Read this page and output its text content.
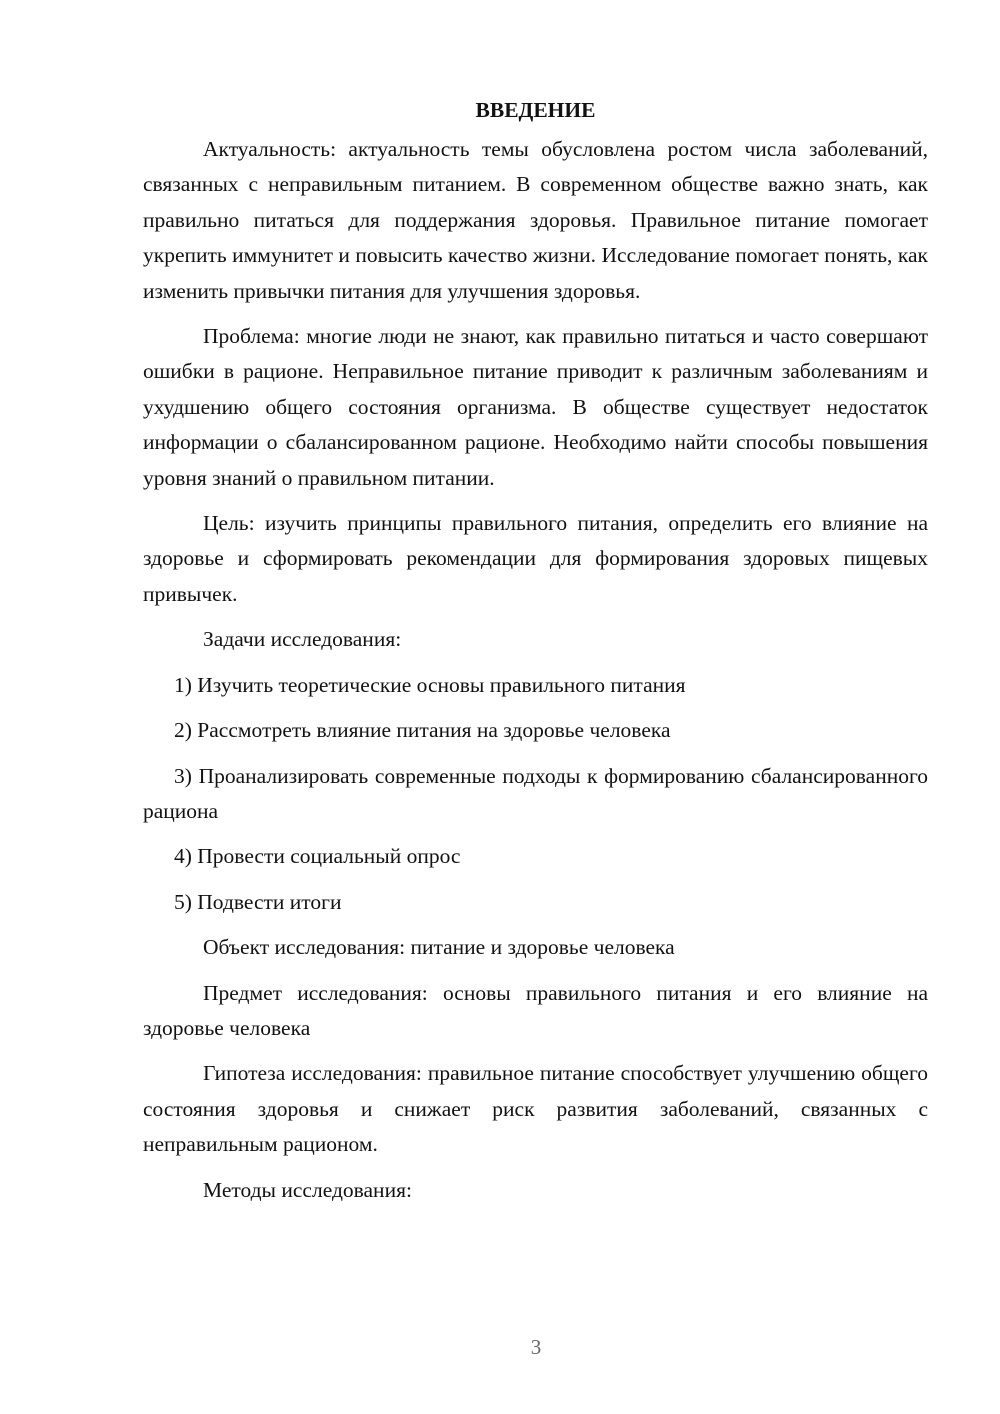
ВВЕДЕНИЕ

Актуальность: актуальность темы обусловлена ростом числа заболеваний, связанных с неправильным питанием. В современном обществе важно знать, как правильно питаться для поддержания здоровья. Правильное питание помогает укрепить иммунитет и повысить качество жизни. Исследование помогает понять, как изменить привычки питания для улучшения здоровья.

Проблема: многие люди не знают, как правильно питаться и часто совершают ошибки в рационе. Неправильное питание приводит к различным заболеваниям и ухудшению общего состояния организма. В обществе существует недостаток информации о сбалансированном рационе. Необходимо найти способы повышения уровня знаний о правильном питании.

Цель: изучить принципы правильного питания, определить его влияние на здоровье и сформировать рекомендации для формирования здоровых пищевых привычек.

Задачи исследования:

1) Изучить теоретические основы правильного питания

2) Рассмотреть влияние питания на здоровье человека

3) Проанализировать современные подходы к формированию сбалансированного рациона

4) Провести социальный опрос

5) Подвести итоги

Объект исследования: питание и здоровье человека

Предмет исследования: основы правильного питания и его влияние на здоровье человека

Гипотеза исследования: правильное питание способствует улучшению общего состояния здоровья и снижает риск развития заболеваний, связанных с неправильным рационом.

Методы исследования:

3
